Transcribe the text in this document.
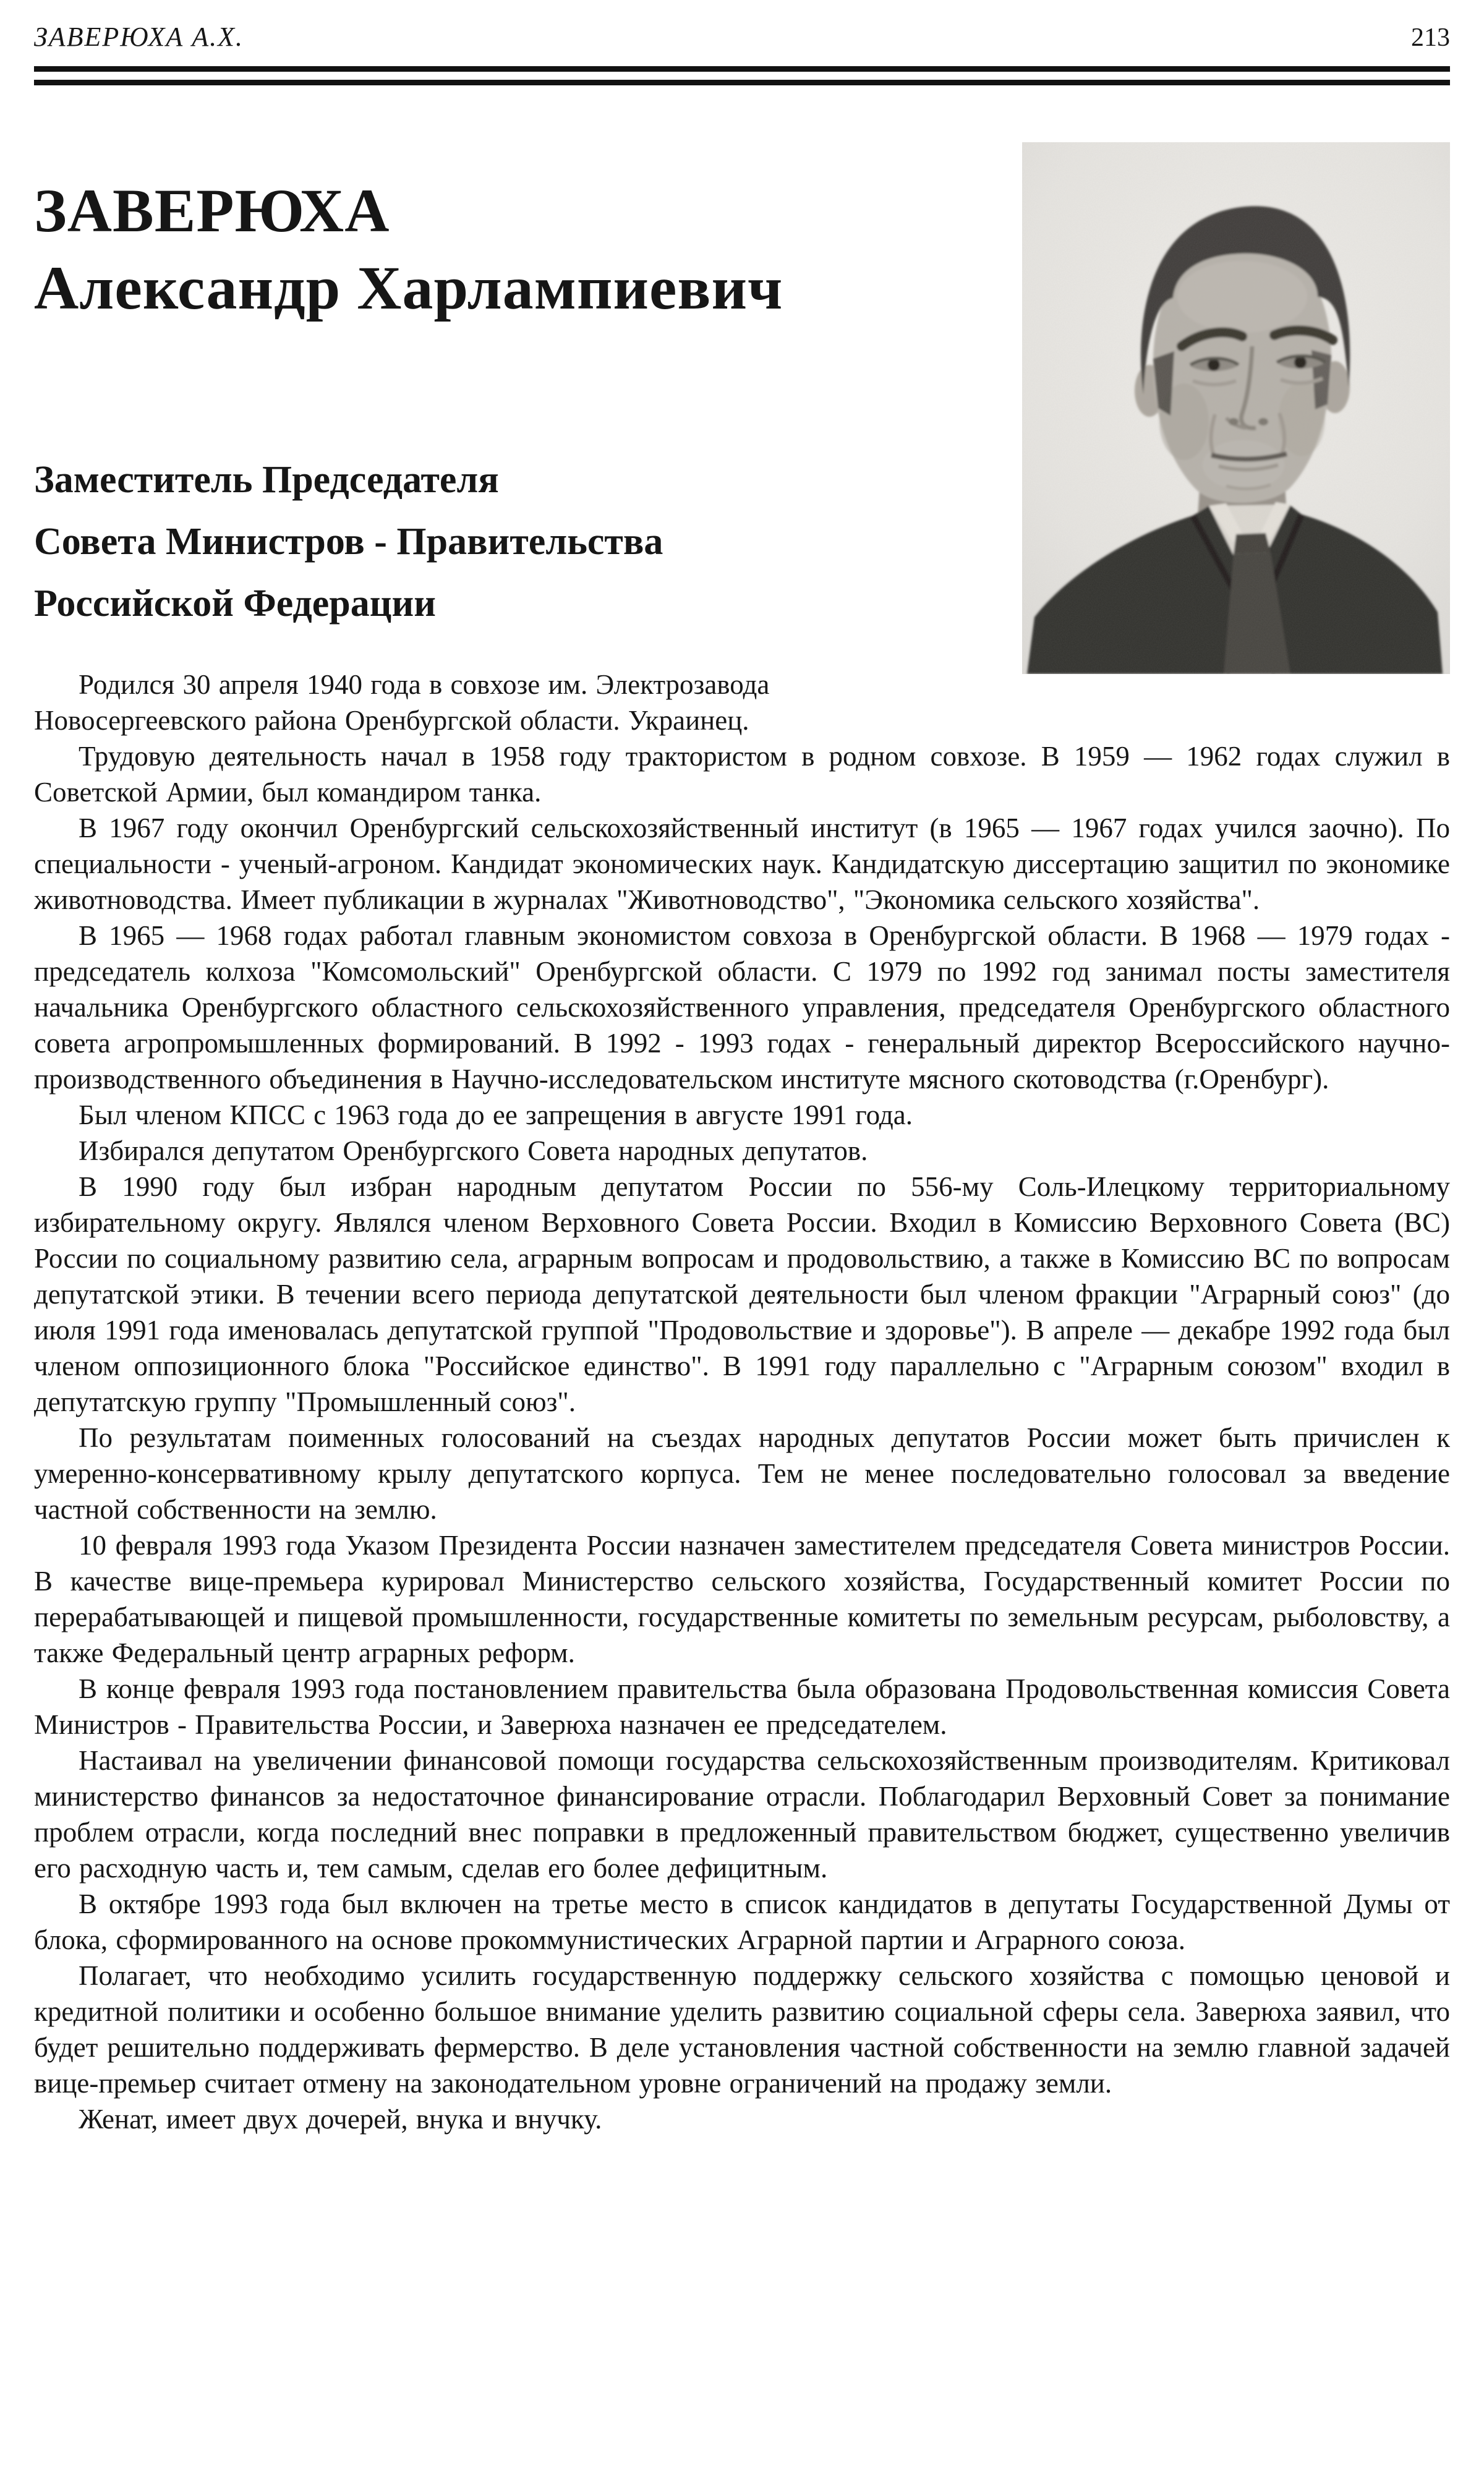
ЗАВЕРЮХА А.Х.	213
ЗАВЕРЮХА
Александр Харлампиевич
Заместитель Председателя
Совета Министров - Правительства
Российской Федерации

Родился 30 апреля 1940 года в совхозе им. Электрозавода Новосергеевского района Оренбургской области. Украинец.

Трудовую деятельность начал в 1958 году трактористом в родном совхозе. В 1959 — 1962 годах служил в Советской Армии, был командиром танка.

В 1967 году окончил Оренбургский сельскохозяйственный институт (в 1965 — 1967 годах учился заочно). По специальности - ученый-агроном. Кандидат экономических наук. Кандидатскую диссертацию защитил по экономике животноводства. Имеет публикации в журналах "Животноводство", "Экономика сельского хозяйства".

В 1965 — 1968 годах работал главным экономистом совхоза в Оренбургской области. В 1968 — 1979 годах - председатель колхоза "Комсомольский" Оренбургской области. С 1979 по 1992 год занимал посты заместителя начальника Оренбургского областного сельскохозяйственного управления, председателя Оренбургского областного совета агропромышленных формирований. В 1992 - 1993 годах - генеральный директор Всероссийского научно-производственного объединения в Научно-исследовательском институте мясного скотоводства (г.Оренбург).

Был членом КПСС с 1963 года до ее запрещения в августе 1991 года.

Избирался депутатом Оренбургского Совета народных депутатов.

В 1990 году был избран народным депутатом России по 556-му Соль-Илецкому территориальному избирательному округу. Являлся членом Верховного Совета России. Входил в Комиссию Верховного Совета (ВС) России по социальному развитию села, аграрным вопросам и продовольствию, а также в Комиссию ВС по вопросам депутатской этики. В течении всего периода депутатской деятельности был членом фракции "Аграрный союз" (до июля 1991 года именовалась депутатской группой "Продовольствие и здоровье"). В апреле — декабре 1992 года был членом оппозиционного блока "Российское единство". В 1991 году параллельно с "Аграрным союзом" входил в депутатскую группу "Промышленный союз".

По результатам поименных голосований на съездах народных депутатов России может быть причислен к умеренно-консервативному крылу депутатского корпуса. Тем не менее последовательно голосовал за введение частной собственности на землю.

10 февраля 1993 года Указом Президента России назначен заместителем председателя Совета министров России. В качестве вице-премьера курировал Министерство сельского хозяйства, Государственный комитет России по перерабатывающей и пищевой промышленности, государственные комитеты по земельным ресурсам, рыболовству, а также Федеральный центр аграрных реформ.

В конце февраля 1993 года постановлением правительства была образована Продовольственная комиссия Совета Министров - Правительства России, и Заверюха назначен ее председателем.

Настаивал на увеличении финансовой помощи государства сельскохозяйственным производителям. Критиковал министерство финансов за недостаточное финансирование отрасли. Поблагодарил Верховный Совет за понимание проблем отрасли, когда последний внес поправки в предложенный правительством бюджет, существенно увеличив его расходную часть и, тем самым, сделав его более дефицитным.

В октябре 1993 года был включен на третье место в список кандидатов в депутаты Государственной Думы от блока, сформированного на основе прокоммунистических Аграрной партии и Аграрного союза.

Полагает, что необходимо усилить государственную поддержку сельского хозяйства с помощью ценовой и кредитной политики и особенно большое внимание уделить развитию социальной сферы села. Заверюха заявил, что будет решительно поддерживать фермерство. В деле установления частной собственности на землю главной задачей вице-премьер считает отмену на законодательном уровне ограничений на продажу земли.

Женат, имеет двух дочерей, внука и внучку.
